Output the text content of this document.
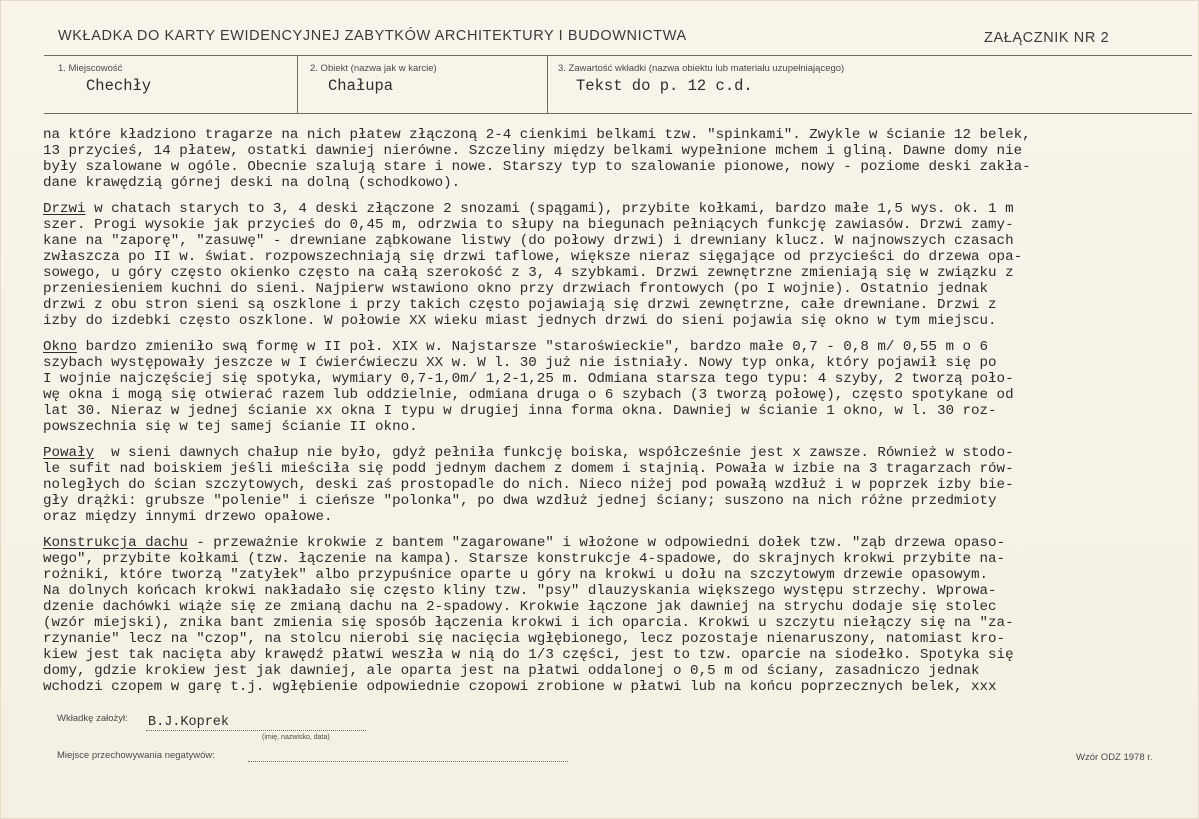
WKŁADKA DO KARTY EWIDENCYJNEJ ZABYTKÓW ARCHITEKTURY I BUDOWNICTWA	ZAŁĄCZNIK NR 2
1. Miejscowość
Chechły
2. Obiekt (nazwa jak w karcie)
Chałupa
3. Zawartość wkładki (nazwa obiektu lub materiału uzupełniającego)
Tekst do p. 12 c.d.
na które kładziono tragarze na nich płatew złączoną 2-4 cienkimi belkami tzw. "spinkami". Zwykle w ścianie 12 belek,
13 przycieś, 14 płatew, ostatki dawniej nierówne. Szczeliny między belkami wypełnione mchem i gliną. Dawne domy nie
były szalowane w ogóle. Obecnie szalują stare i nowe. Starszy typ to szalowanie pionowe, nowy - poziome deski zakła-
dane krawędzią górnej deski na dolną (schodkowo).
Drzwi w chatach starych to 3, 4 deski złączone 2 snozami (spągami), przybite kołkami, bardzo małe 1,5 wys. ok. 1 m
szer. Progi wysokie jak przycieś do 0,45 m, odrzwia to słupy na biegunach pełniących funkcję zawiasów. Drzwi zamy-
kane na "zaporę", "zasuwę" - drewniane ząbkowane listwy (do połowy drzwi) i drewniany klucz. W najnowszych czasach
zwłaszcza po II w. świat. rozpowszechniają się drzwi taflowe, większe nieraz sięgające od przycieści do drzewa opa-
sowego, u góry często okienko często na całą szerokość z 3, 4 szybkami. Drzwi zewnętrzne zmieniają się w związku z
przeniesieniem kuchni do sieni. Najpierw wstawiono okno przy drzwiach frontowych (po I wojnie). Ostatnio jednak
drzwi z obu stron sieni są oszklone i przy takich często pojawiają się drzwi zewnętrzne, całe drewniane. Drzwi z
izby do izdebki często oszklone. W połowie XX wieku miast jednych drzwi do sieni pojawia się okno w tym miejscu.
Okno bardzo zmieniło swą formę w II poł. XIX w. Najstarsze "staroświeckie", bardzo małe 0,7 - 0,8 m/ 0,55 m o 6
szybach występowały jeszcze w I ćwierćwieczu XX w. W l. 30 już nie istniały. Nowy typ onka, który pojawił się po
I wojnie najczęściej się spotyka, wymiary 0,7-1,0m/ 1,2-1,25 m. Odmiana starsza tego typu: 4 szyby, 2 tworzą poło-
wę okna i mogą się otwierać razem lub oddzielnie, odmiana druga o 6 szybach (3 tworzą połowę), często spotykane od
lat 30. Nieraz w jednej ścianie xx okna I typu w drugiej inna forma okna. Dawniej w ścianie 1 okno, w l. 30 roz-
powszechnia się w tej samej ścianie II okno.
Powały  w sieni dawnych chałup nie było, gdyż pełniła funkcję boiska, współcześnie jest x zawsze. Również w stodo-
le sufit nad boiskiem jeśli mieściła się podd jednym dachem z domem i stajnią. Powała w izbie na 3 tragarzach rów-
noległych do ścian szczytowych, deski zaś prostopadle do nich. Nieco niżej pod powałą wzdłuż i w poprzek izby bie-
gły drążki: grubsze "polenie" i cieńsze "polonka", po dwa wzdłuż jednej ściany; suszono na nich różne przedmioty
oraz między innymi drzewo opałowe.
Konstrukcja dachu - przeważnie krokwie z bantem "zagarowane" i włożone w odpowiedni dołek tzw. "ząb drzewa opaso-
wego", przybite kołkami (tzw. łączenie na kampa). Starsze konstrukcje 4-spadowe, do skrajnych krokwi przybite na-
rożniki, które tworzą "zatyłek" albo przypuśnice oparte u góry na krokwi u dołu na szczytowym drzewie opasowym.
Na dolnych końcach krokwi nakładało się często kliny tzw. "psy" dlauzyskania większego występu strzechy. Wprowa-
dzenie dachówki wiąże się ze zmianą dachu na 2-spadowy. Krokwie łączone jak dawniej na strychu dodaje się stolec
(wzór miejski), znika bant zmienia się sposób łączenia krokwi i ich oparcia. Krokwi u szczytu niełączy się na "za-
rzynanie" lecz na "czop", na stolcu nierobi się nacięcia wgłębionego, lecz pozostaje nienaruszony, natomiast kro-
kiew jest tak nacięta aby krawędź płatwi weszła w nią do 1/3 części, jest to tzw. oparcie na siodełko. Spotyka się
domy, gdzie krokiew jest jak dawniej, ale oparta jest na płatwi oddalonej o 0,5 m od ściany, zasadniczo jednak
wchodzi czopem w garę t.j. wgłębienie odpowiednie czopowi zrobione w płatwi lub na końcu poprzecznych belek, xxx
Wkładkę założył: B.J.Koprek
(imię, nazwisko, data)
Miejsce przechowywania negatywów:	Wzór ODZ 1978 r.
